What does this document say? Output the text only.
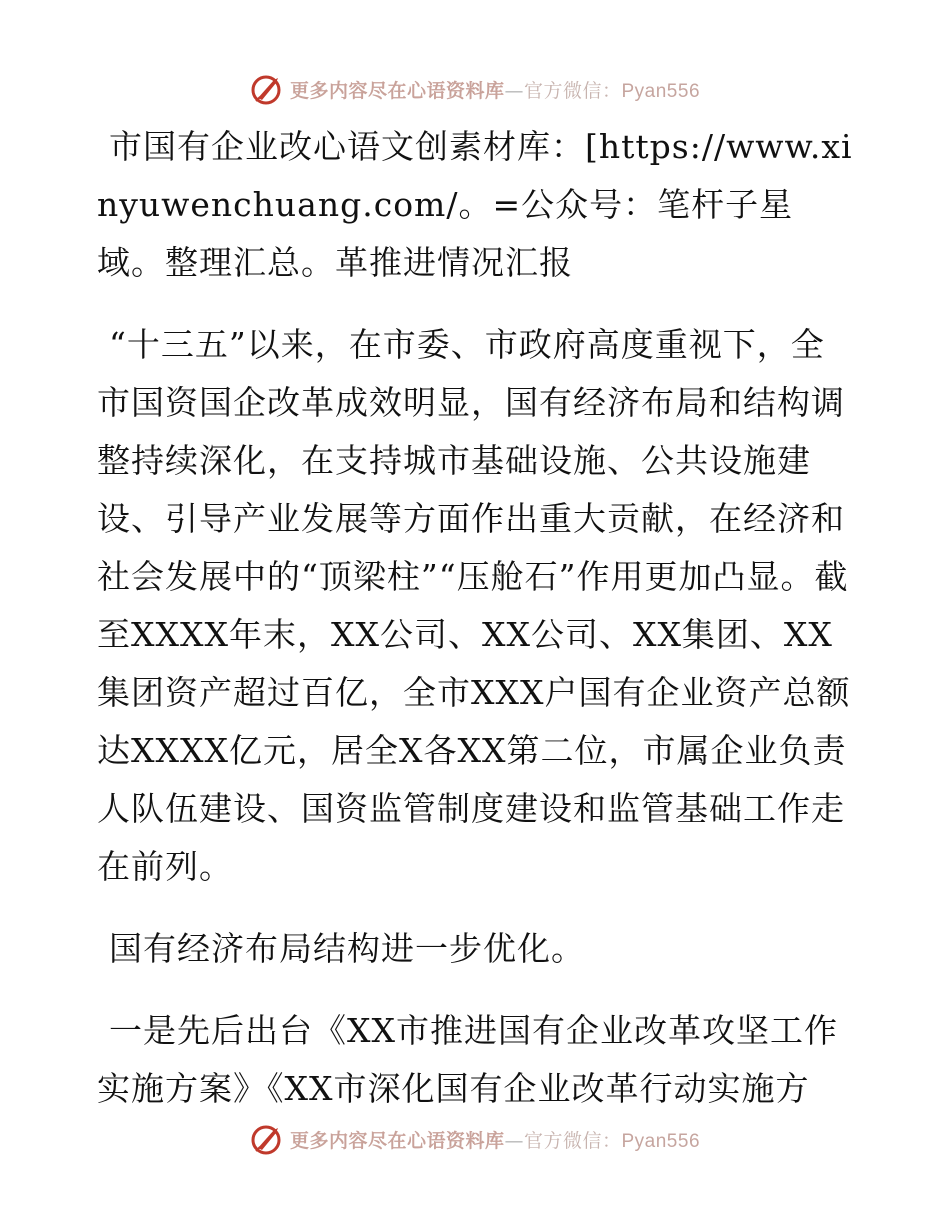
更多内容尽在心语资料库—官方微信：Pyan556

市国有企业改心语文创素材库：[https://www.xinyuwenchuang.com/。=公众号：笔杆子星域。整理汇总。革推进情况汇报

“十三五”以来，在市委、市政府高度重视下，全市国资国企改革成效明显，国有经济布局和结构调整持续深化，在支持城市基础设施、公共设施建设、引导产业发展等方面作出重大贡献，在经济和社会发展中的“顶梁柱”“压舱石”作用更加凸显。截至XXXX年末，XX公司、XX公司、XX集团、XX集团资产超过百亿，全市XXX户国有企业资产总额达XXXX亿元，居全X各XX第二位，市属企业负责人队伍建设、国资监管制度建设和监管基础工作走在前列。

国有经济布局结构进一步优化。

一是先后出台《XX市推进国有企业改革攻坚工作实施方案》《XX市深化国有企业改革行动实施方

更多内容尽在心语资料库—官方微信：Pyan556
